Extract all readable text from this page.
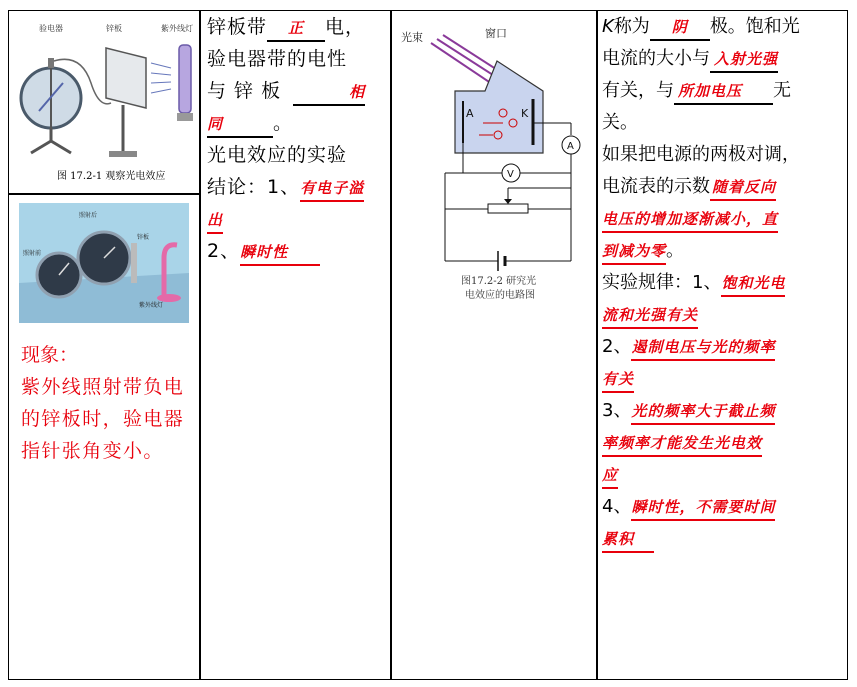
验电器	锌板	紫外线灯
图 17.2-1 观察光电效应
照射后
照射前
锌板
紫外线灯
现象：
紫外线照射带负电的锌板时，验电器指针张角变小。
锌板带 正 电，
验电器带的电性
与 锌 板	相
同	。
光电效应的实验
结论：1、有电子溢
出
2、瞬时性
光束	窗口
A	K
A
V
图17.2-2 研究光
电效应的电路图
K称为 阴 极。饱和光
电流的大小与 入射光强
有关，与 所加电压 无
关。
如果把电源的两极对调，
电流表的示数 随着反向
电压的增加逐渐减小，直
到减为零。
实验规律：1、饱和光电
流和光强有关
2、遏制电压与光的频率
有关
3、光的频率大于截止频
率频率才能发生光电效
应
4、瞬时性，不需要时间
累积
